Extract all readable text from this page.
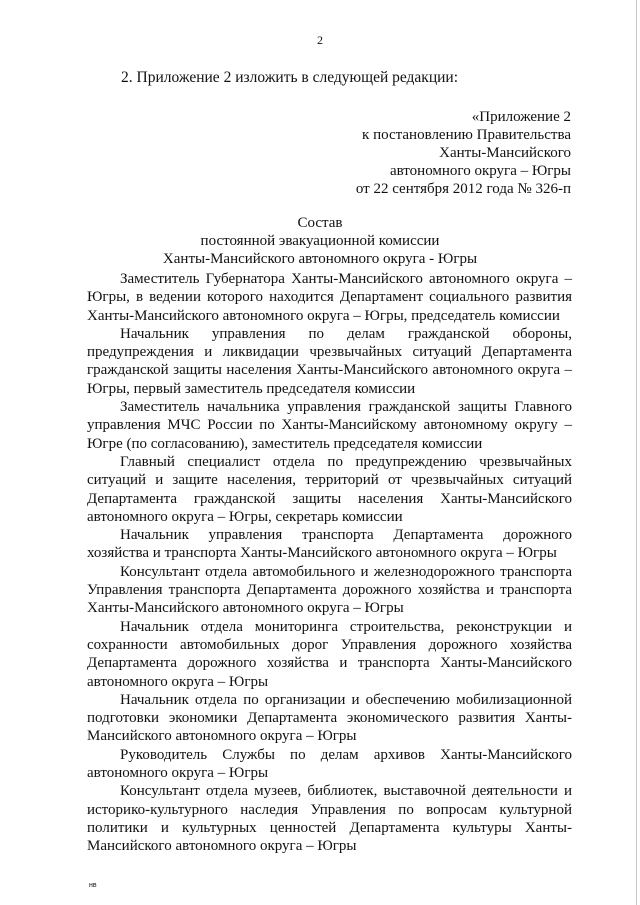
2
2. Приложение 2 изложить в следующей редакции:
«Приложение 2
к постановлению Правительства
Ханты-Мансийского
автономного округа – Югры
от 22 сентября 2012 года № 326-п
Состав
постоянной эвакуационной комиссии
Ханты-Мансийского автономного округа - Югры

Заместитель Губернатора Ханты-Мансийского автономного округа – Югры, в ведении которого находится Департамент социального развития Ханты-Мансийского автономного округа – Югры, председатель комиссии

Начальник управления по делам гражданской обороны, предупреждения и ликвидации чрезвычайных ситуаций Департамента гражданской защиты населения Ханты-Мансийского автономного округа – Югры, первый заместитель председателя комиссии

Заместитель начальника управления гражданской защиты Главного управления МЧС России по Ханты-Мансийскому автономному округу – Югре (по согласованию), заместитель председателя комиссии

Главный специалист отдела по предупреждению чрезвычайных ситуаций и защите населения, территорий от чрезвычайных ситуаций Департамента гражданской защиты населения Ханты-Мансийского автономного округа – Югры, секретарь комиссии

Начальник управления транспорта Департамента дорожного хозяйства и транспорта Ханты-Мансийского автономного округа – Югры

Консультант отдела автомобильного и железнодорожного транспорта Управления транспорта Департамента дорожного хозяйства и транспорта Ханты-Мансийского автономного округа – Югры

Начальник отдела мониторинга строительства, реконструкции и сохранности автомобильных дорог Управления дорожного хозяйства Департамента дорожного хозяйства и транспорта Ханты-Мансийского автономного округа – Югры

Начальник отдела по организации и обеспечению мобилизационной подготовки экономики Департамента экономического развития Ханты-Мансийского автономного округа – Югры

Руководитель Службы по делам архивов Ханты-Мансийского автономного округа – Югры

Консультант отдела музеев, библиотек, выставочной деятельности и историко-культурного наследия Управления по вопросам культурной политики и культурных ценностей Департамента культуры Ханты-Мансийского автономного округа – Югры

нв
